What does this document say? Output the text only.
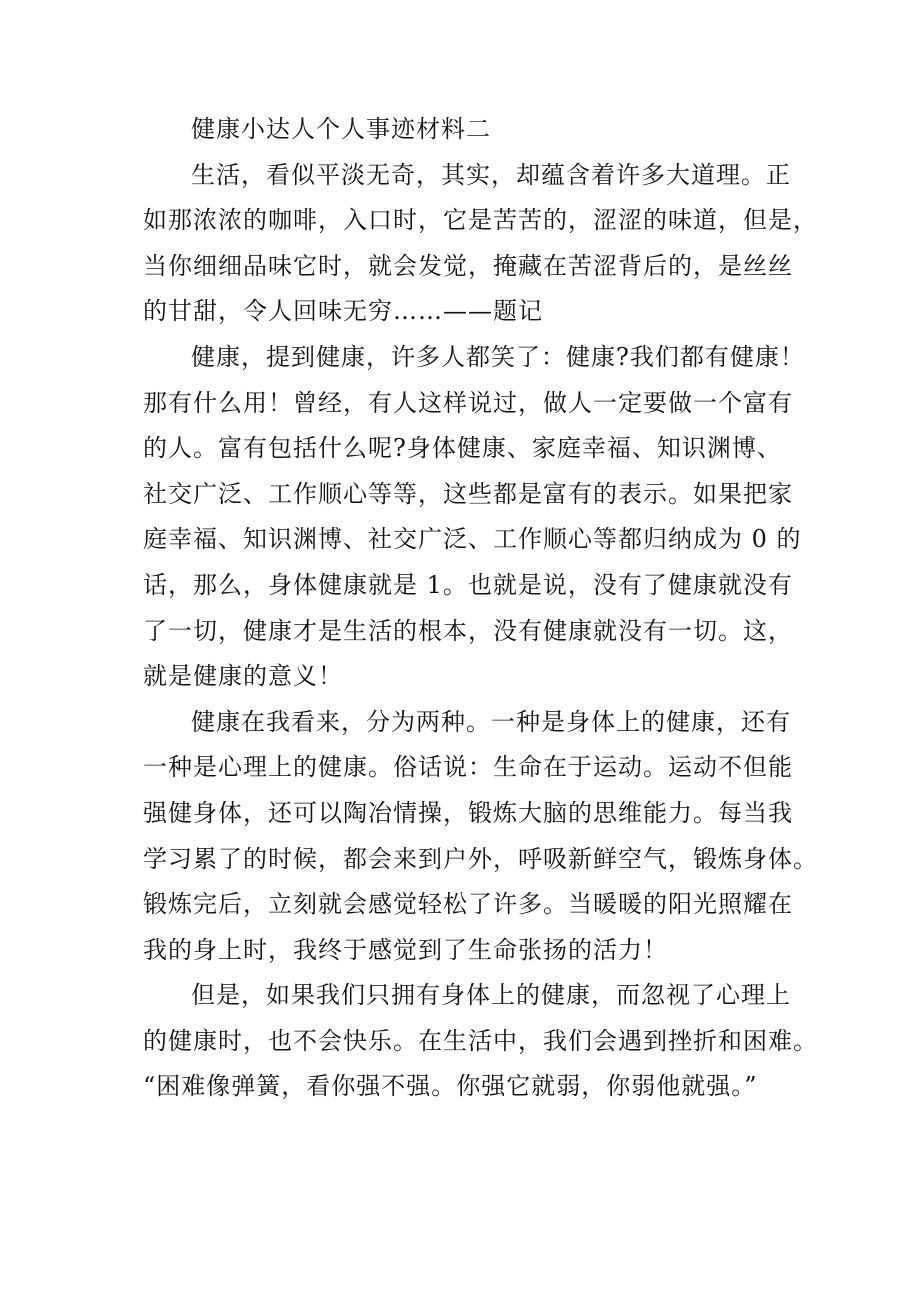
健康小达人个人事迹材料二
生活，看似平淡无奇，其实，却蕴含着许多大道理。正
如那浓浓的咖啡，入口时，它是苦苦的，涩涩的味道，但是，
当你细细品味它时，就会发觉，掩藏在苦涩背后的，是丝丝
的甘甜，令人回味无穷……——题记
健康，提到健康，许多人都笑了：健康?我们都有健康！
那有什么用！曾经，有人这样说过，做人一定要做一个富有
的人。富有包括什么呢?身体健康、家庭幸福、知识渊博、
社交广泛、工作顺心等等，这些都是富有的表示。如果把家
庭幸福、知识渊博、社交广泛、工作顺心等都归纳成为 0 的
话，那么，身体健康就是 1。也就是说，没有了健康就没有
了一切，健康才是生活的根本，没有健康就没有一切。这，
就是健康的意义！
健康在我看来，分为两种。一种是身体上的健康，还有
一种是心理上的健康。俗话说：生命在于运动。运动不但能
强健身体，还可以陶冶情操，锻炼大脑的思维能力。每当我
学习累了的时候，都会来到户外，呼吸新鲜空气，锻炼身体。
锻炼完后，立刻就会感觉轻松了许多。当暖暖的阳光照耀在
我的身上时，我终于感觉到了生命张扬的活力！
但是，如果我们只拥有身体上的健康，而忽视了心理上
的健康时，也不会快乐。在生活中，我们会遇到挫折和困难。
“困难像弹簧，看你强不强。你强它就弱，你弱他就强。”
